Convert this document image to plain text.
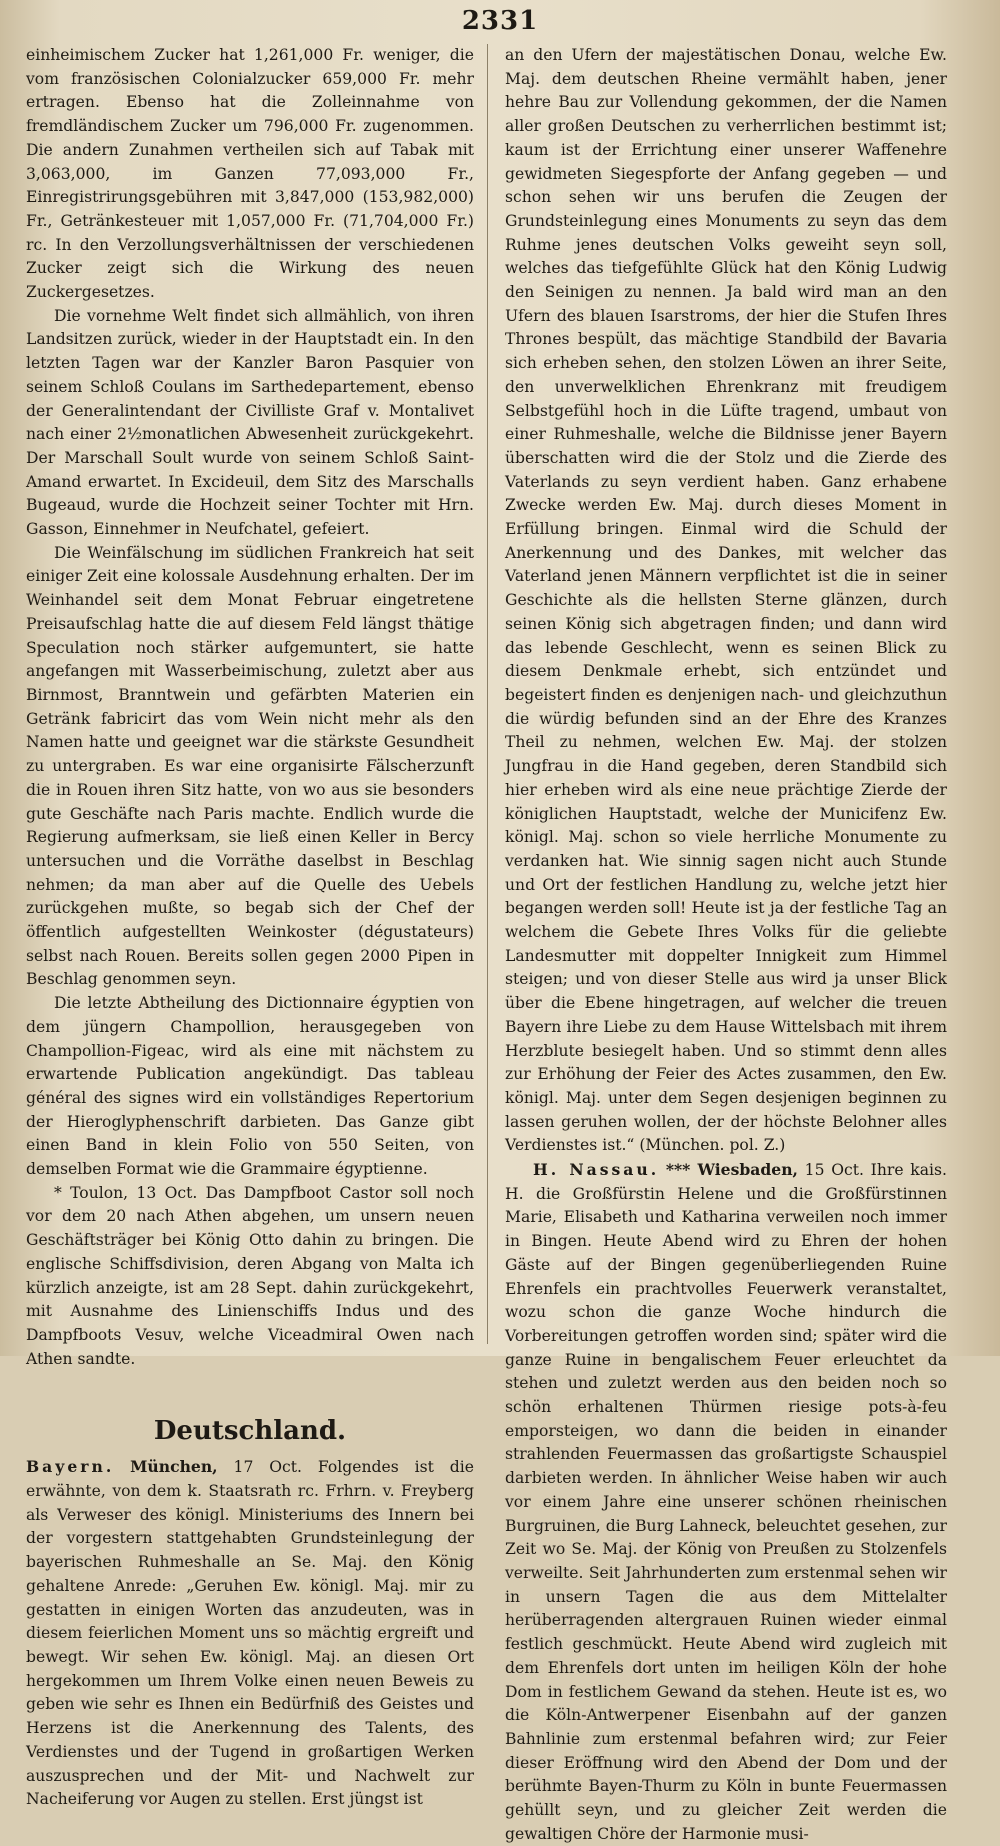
2331

einheimischem Zucker hat 1,261,000 Fr. weniger, die vom französischen Colonialzucker 659,000 Fr. mehr ertragen. Ebenso hat die Zolleinnahme von fremdländischem Zucker um 796,000 Fr. zugenommen. Die andern Zunahmen vertheilen sich auf Tabak mit 3,063,000, im Ganzen 77,093,000 Fr., Einregistrirungsgebühren mit 3,847,000 (153,982,000) Fr., Getränkesteuer mit 1,057,000 Fr. (71,704,000 Fr.) rc. In den Verzollungsverhältnissen der verschiedenen Zucker zeigt sich die Wirkung des neuen Zuckergesetzes.

Die vornehme Welt findet sich allmählich, von ihren Landsitzen zurück, wieder in der Hauptstadt ein. In den letzten Tagen war der Kanzler Baron Pasquier von seinem Schloß Coulans im Sarthedepartement, ebenso der Generalintendant der Civilliste Graf v. Montalivet nach einer 2½monatlichen Abwesenheit zurückgekehrt. Der Marschall Soult wurde von seinem Schloß Saint-Amand erwartet. In Excideuil, dem Sitz des Marschalls Bugeaud, wurde die Hochzeit seiner Tochter mit Hrn. Gasson, Einnehmer in Neufchatel, gefeiert.

Die Weinfälschung im südlichen Frankreich hat seit einiger Zeit eine kolossale Ausdehnung erhalten. Der im Weinhandel seit dem Monat Februar eingetretene Preisaufschlag hatte die auf diesem Feld längst thätige Speculation noch stärker aufgemuntert, sie hatte angefangen mit Wasserbeimischung, zuletzt aber aus Birnmost, Branntwein und gefärbten Materien ein Getränk fabricirt das vom Wein nicht mehr als den Namen hatte und geeignet war die stärkste Gesundheit zu untergraben. Es war eine organisirte Fälscherzunft die in Rouen ihren Sitz hatte, von wo aus sie besonders gute Geschäfte nach Paris machte. Endlich wurde die Regierung aufmerksam, sie ließ einen Keller in Bercy untersuchen und die Vorräthe daselbst in Beschlag nehmen; da man aber auf die Quelle des Uebels zurückgehen mußte, so begab sich der Chef der öffentlich aufgestellten Weinkoster (dégustateurs) selbst nach Rouen. Bereits sollen gegen 2000 Pipen in Beschlag genommen seyn.

Die letzte Abtheilung des Dictionnaire égyptien von dem jüngern Champollion, herausgegeben von Champollion-Figeac, wird als eine mit nächstem zu erwartende Publication angekündigt. Das tableau général des signes wird ein vollständiges Repertorium der Hieroglyphenschrift darbieten. Das Ganze gibt einen Band in klein Folio von 550 Seiten, von demselben Format wie die Grammaire égyptienne.

* Toulon, 13 Oct. Das Dampfboot Castor soll noch vor dem 20 nach Athen abgehen, um unsern neuen Geschäftsträger bei König Otto dahin zu bringen. Die englische Schiffsdivision, deren Abgang von Malta ich kürzlich anzeigte, ist am 28 Sept. dahin zurückgekehrt, mit Ausnahme des Linienschiffs Indus und des Dampfboots Vesuv, welche Viceadmiral Owen nach Athen sandte.

Deutschland.

Bayern. München, 17 Oct. Folgendes ist die erwähnte, von dem k. Staatsrath rc. Frhrn. v. Freyberg als Verweser des königl. Ministeriums des Innern bei der vorgestern stattgehabten Grundsteinlegung der bayerischen Ruhmeshalle an Se. Maj. den König gehaltene Anrede: „Geruhen Ew. königl. Maj. mir zu gestatten in einigen Worten das anzudeuten, was in diesem feierlichen Moment uns so mächtig ergreift und bewegt. Wir sehen Ew. königl. Maj. an diesen Ort hergekommen um Ihrem Volke einen neuen Beweis zu geben wie sehr es Ihnen ein Bedürfniß des Geistes und Herzens ist die Anerkennung des Talents, des Verdienstes und der Tugend in großartigen Werken auszusprechen und der Mit- und Nachwelt zur Nacheiferung vor Augen zu stellen. Erst jüngst ist

an den Ufern der majestätischen Donau, welche Ew. Maj. dem deutschen Rheine vermählt haben, jener hehre Bau zur Vollendung gekommen, der die Namen aller großen Deutschen zu verherrlichen bestimmt ist; kaum ist der Errichtung einer unserer Waffenehre gewidmeten Siegespforte der Anfang gegeben — und schon sehen wir uns berufen die Zeugen der Grundsteinlegung eines Monuments zu seyn das dem Ruhme jenes deutschen Volks geweiht seyn soll, welches das tiefgefühlte Glück hat den König Ludwig den Seinigen zu nennen. Ja bald wird man an den Ufern des blauen Isarstroms, der hier die Stufen Ihres Thrones bespült, das mächtige Standbild der Bavaria sich erheben sehen, den stolzen Löwen an ihrer Seite, den unverwelklichen Ehrenkranz mit freudigem Selbstgefühl hoch in die Lüfte tragend, umbaut von einer Ruhmeshalle, welche die Bildnisse jener Bayern überschatten wird die der Stolz und die Zierde des Vaterlands zu seyn verdient haben. Ganz erhabene Zwecke werden Ew. Maj. durch dieses Moment in Erfüllung bringen. Einmal wird die Schuld der Anerkennung und des Dankes, mit welcher das Vaterland jenen Männern verpflichtet ist die in seiner Geschichte als die hellsten Sterne glänzen, durch seinen König sich abgetragen finden; und dann wird das lebende Geschlecht, wenn es seinen Blick zu diesem Denkmale erhebt, sich entzündet und begeistert finden es denjenigen nach- und gleichzuthun die würdig befunden sind an der Ehre des Kranzes Theil zu nehmen, welchen Ew. Maj. der stolzen Jungfrau in die Hand gegeben, deren Standbild sich hier erheben wird als eine neue prächtige Zierde der königlichen Hauptstadt, welche der Municifenz Ew. königl. Maj. schon so viele herrliche Monumente zu verdanken hat. Wie sinnig sagen nicht auch Stunde und Ort der festlichen Handlung zu, welche jetzt hier begangen werden soll! Heute ist ja der festliche Tag an welchem die Gebete Ihres Volks für die geliebte Landesmutter mit doppelter Innigkeit zum Himmel steigen; und von dieser Stelle aus wird ja unser Blick über die Ebene hingetragen, auf welcher die treuen Bayern ihre Liebe zu dem Hause Wittelsbach mit ihrem Herzblute besiegelt haben. Und so stimmt denn alles zur Erhöhung der Feier des Actes zusammen, den Ew. königl. Maj. unter dem Segen desjenigen beginnen zu lassen geruhen wollen, der der höchste Belohner alles Verdienstes ist.“ (München. pol. Z.)

H. Nassau. *** Wiesbaden, 15 Oct. Ihre kais. H. die Großfürstin Helene und die Großfürstinnen Marie, Elisabeth und Katharina verweilen noch immer in Bingen. Heute Abend wird zu Ehren der hohen Gäste auf der Bingen gegenüberliegenden Ruine Ehrenfels ein prachtvolles Feuerwerk veranstaltet, wozu schon die ganze Woche hindurch die Vorbereitungen getroffen worden sind; später wird die ganze Ruine in bengalischem Feuer erleuchtet da stehen und zuletzt werden aus den beiden noch so schön erhaltenen Thürmen riesige pots-à-feu emporsteigen, wo dann die beiden in einander strahlenden Feuermassen das großartigste Schauspiel darbieten werden. In ähnlicher Weise haben wir auch vor einem Jahre eine unserer schönen rheinischen Burgruinen, die Burg Lahneck, beleuchtet gesehen, zur Zeit wo Se. Maj. der König von Preußen zu Stolzenfels verweilte. Seit Jahrhunderten zum erstenmal sehen wir in unsern Tagen die aus dem Mittelalter herüberragenden altergrauen Ruinen wieder einmal festlich geschmückt. Heute Abend wird zugleich mit dem Ehrenfels dort unten im heiligen Köln der hohe Dom in festlichem Gewand da stehen. Heute ist es, wo die Köln-Antwerpener Eisenbahn auf der ganzen Bahnlinie zum erstenmal befahren wird; zur Feier dieser Eröffnung wird den Abend der Dom und der berühmte Bayen-Thurm zu Köln in bunte Feuermassen gehüllt seyn, und zu gleicher Zeit werden die gewaltigen Chöre der Harmonie musi-
